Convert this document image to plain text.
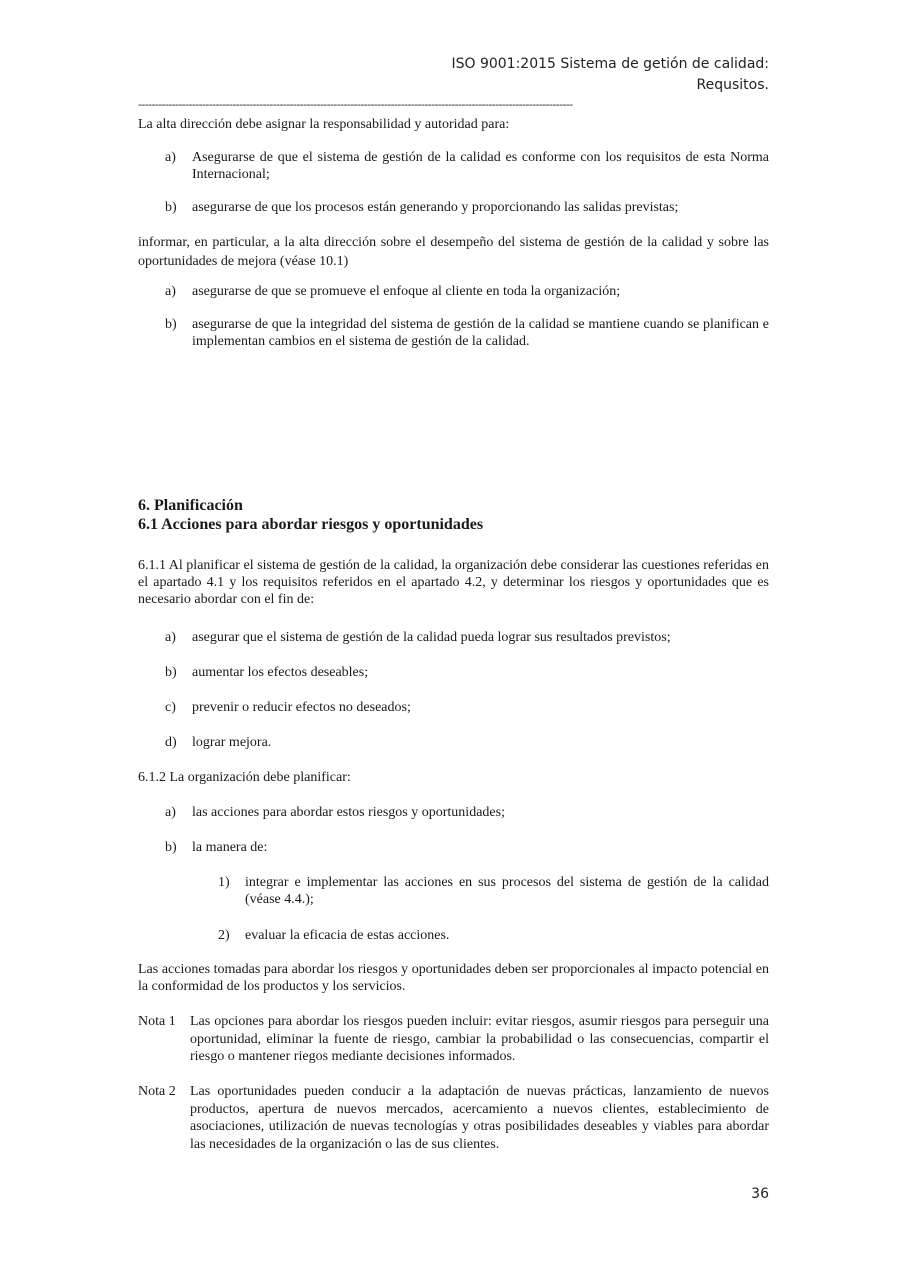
ISO 9001:2015 Sistema de getión de calidad:
Requsitos.
---------------------------------------------------------------------------------------------------------------------------------
La alta dirección debe asignar la responsabilidad y autoridad para:
a) Asegurarse de que el sistema de gestión de la calidad es conforme con los requisitos de esta Norma Internacional;
b) asegurarse de que los procesos están generando y proporcionando las salidas previstas;
informar, en particular, a la alta dirección sobre el desempeño del sistema de gestión de la calidad y sobre las oportunidades de mejora (véase 10.1)
a) asegurarse de que se promueve el enfoque al cliente en toda la organización;
b) asegurarse de que la integridad del sistema de gestión de la calidad se mantiene cuando se planifican e implementan cambios en el sistema de gestión de la calidad.
6. Planificación
6.1 Acciones para abordar riesgos y oportunidades
6.1.1 Al planificar el sistema de gestión de la calidad, la organización debe considerar las cuestiones referidas en el apartado 4.1 y los requisitos referidos en el apartado 4.2, y determinar los riesgos y oportunidades que es necesario abordar con el fin de:
a) asegurar que el sistema de gestión de la calidad pueda lograr sus resultados previstos;
b) aumentar los efectos deseables;
c) prevenir o reducir efectos no deseados;
d) lograr mejora.
6.1.2 La organización debe planificar:
a) las acciones para abordar estos riesgos y oportunidades;
b) la manera de:
1) integrar e implementar las acciones en sus procesos del sistema de gestión de la calidad (véase 4.4.);
2) evaluar la eficacia de estas acciones.
Las acciones tomadas para abordar los riesgos y oportunidades deben ser proporcionales al impacto potencial en la conformidad de los productos y los servicios.
Nota 1 Las opciones para abordar los riesgos pueden incluir: evitar riesgos, asumir riesgos para perseguir una oportunidad, eliminar la fuente de riesgo, cambiar la probabilidad o las consecuencias, compartir el riesgo o mantener riegos mediante decisiones informados.
Nota 2 Las oportunidades pueden conducir a la adaptación de nuevas prácticas, lanzamiento de nuevos productos, apertura de nuevos mercados, acercamiento a nuevos clientes, establecimiento de asociaciones, utilización de nuevas tecnologías y otras posibilidades deseables y viables para abordar     las necesidades de la organización o las de sus clientes.
36
